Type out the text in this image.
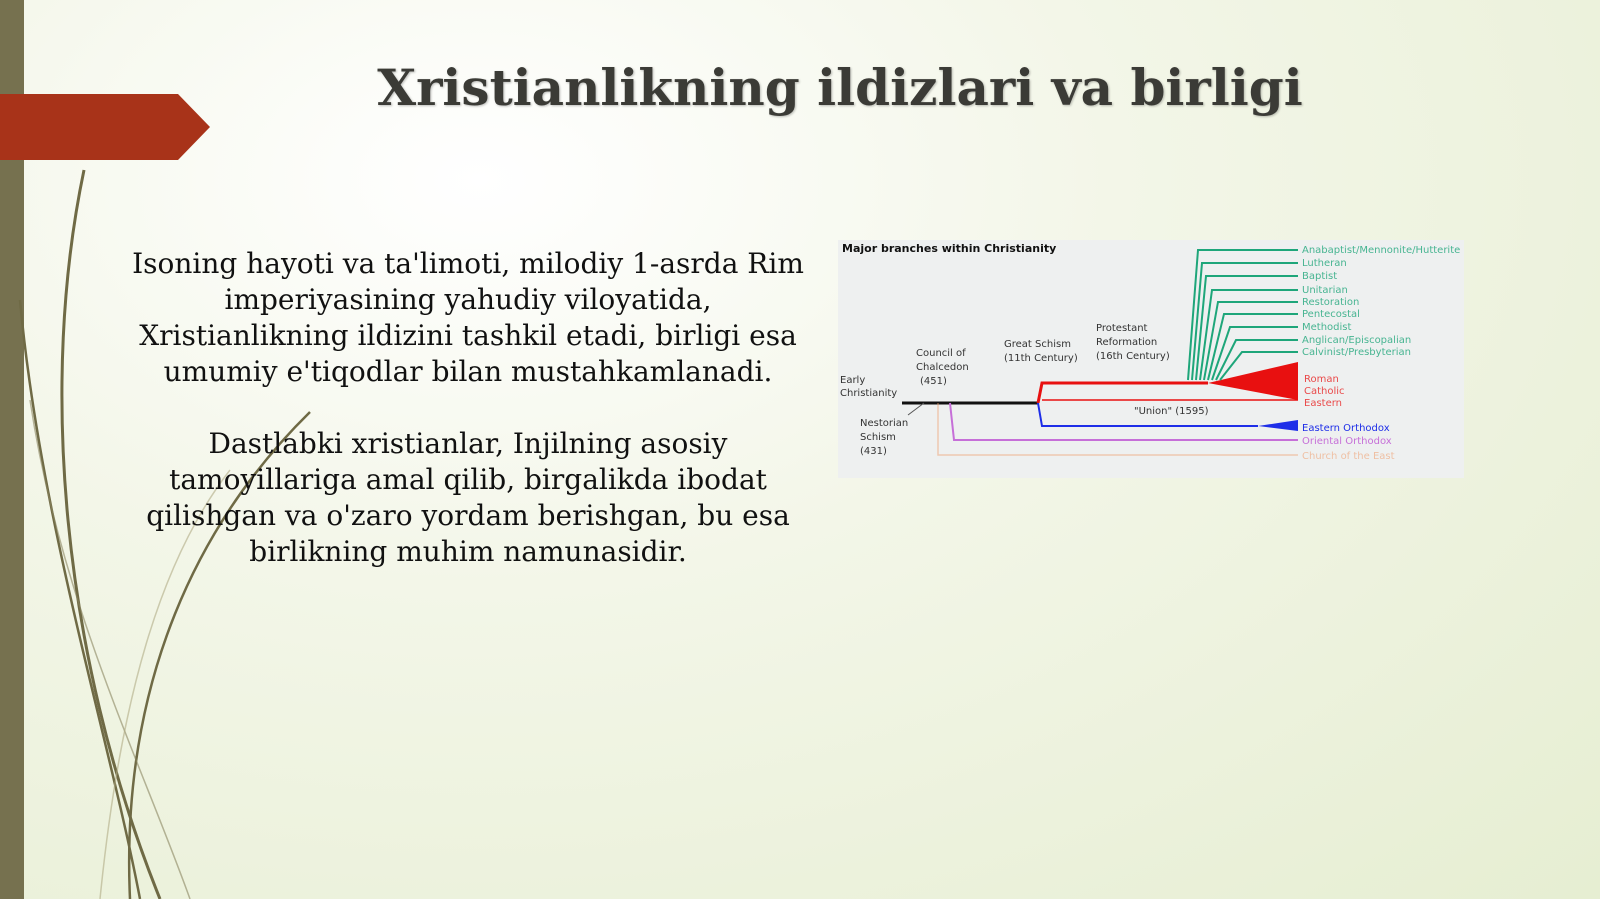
Xristianlikning ildizlari va birligi

Isoning hayoti va ta'limoti, milodiy 1-asrda Rim imperiyasining yahudiy viloyatida, Xristianlikning ildizini tashkil etadi, birligi esa umumiy e'tiqodlar bilan mustahkamlanadi.

Dastlabki xristianlar, Injilning asosiy tamoyillariga amal qilib, birgalikda ibodat qilishgan va o'zaro yordam berishgan, bu esa birlikning muhim namunasidir.

Major branches within Christianity
Early
Christianity
Nestorian
Schism
(431)
Council of
Chalcedon
(451)
Great Schism
(11th Century)
Protestant
Reformation
(16th Century)
"Union" (1595)
Anabaptist/Mennonite/Hutterite
Lutheran
Baptist
Unitarian
Restoration
Pentecostal
Methodist
Anglican/Episcopalian
Calvinist/Presbyterian
Roman
Catholic
Eastern
Eastern Orthodox
Oriental Orthodox
Church of the East
